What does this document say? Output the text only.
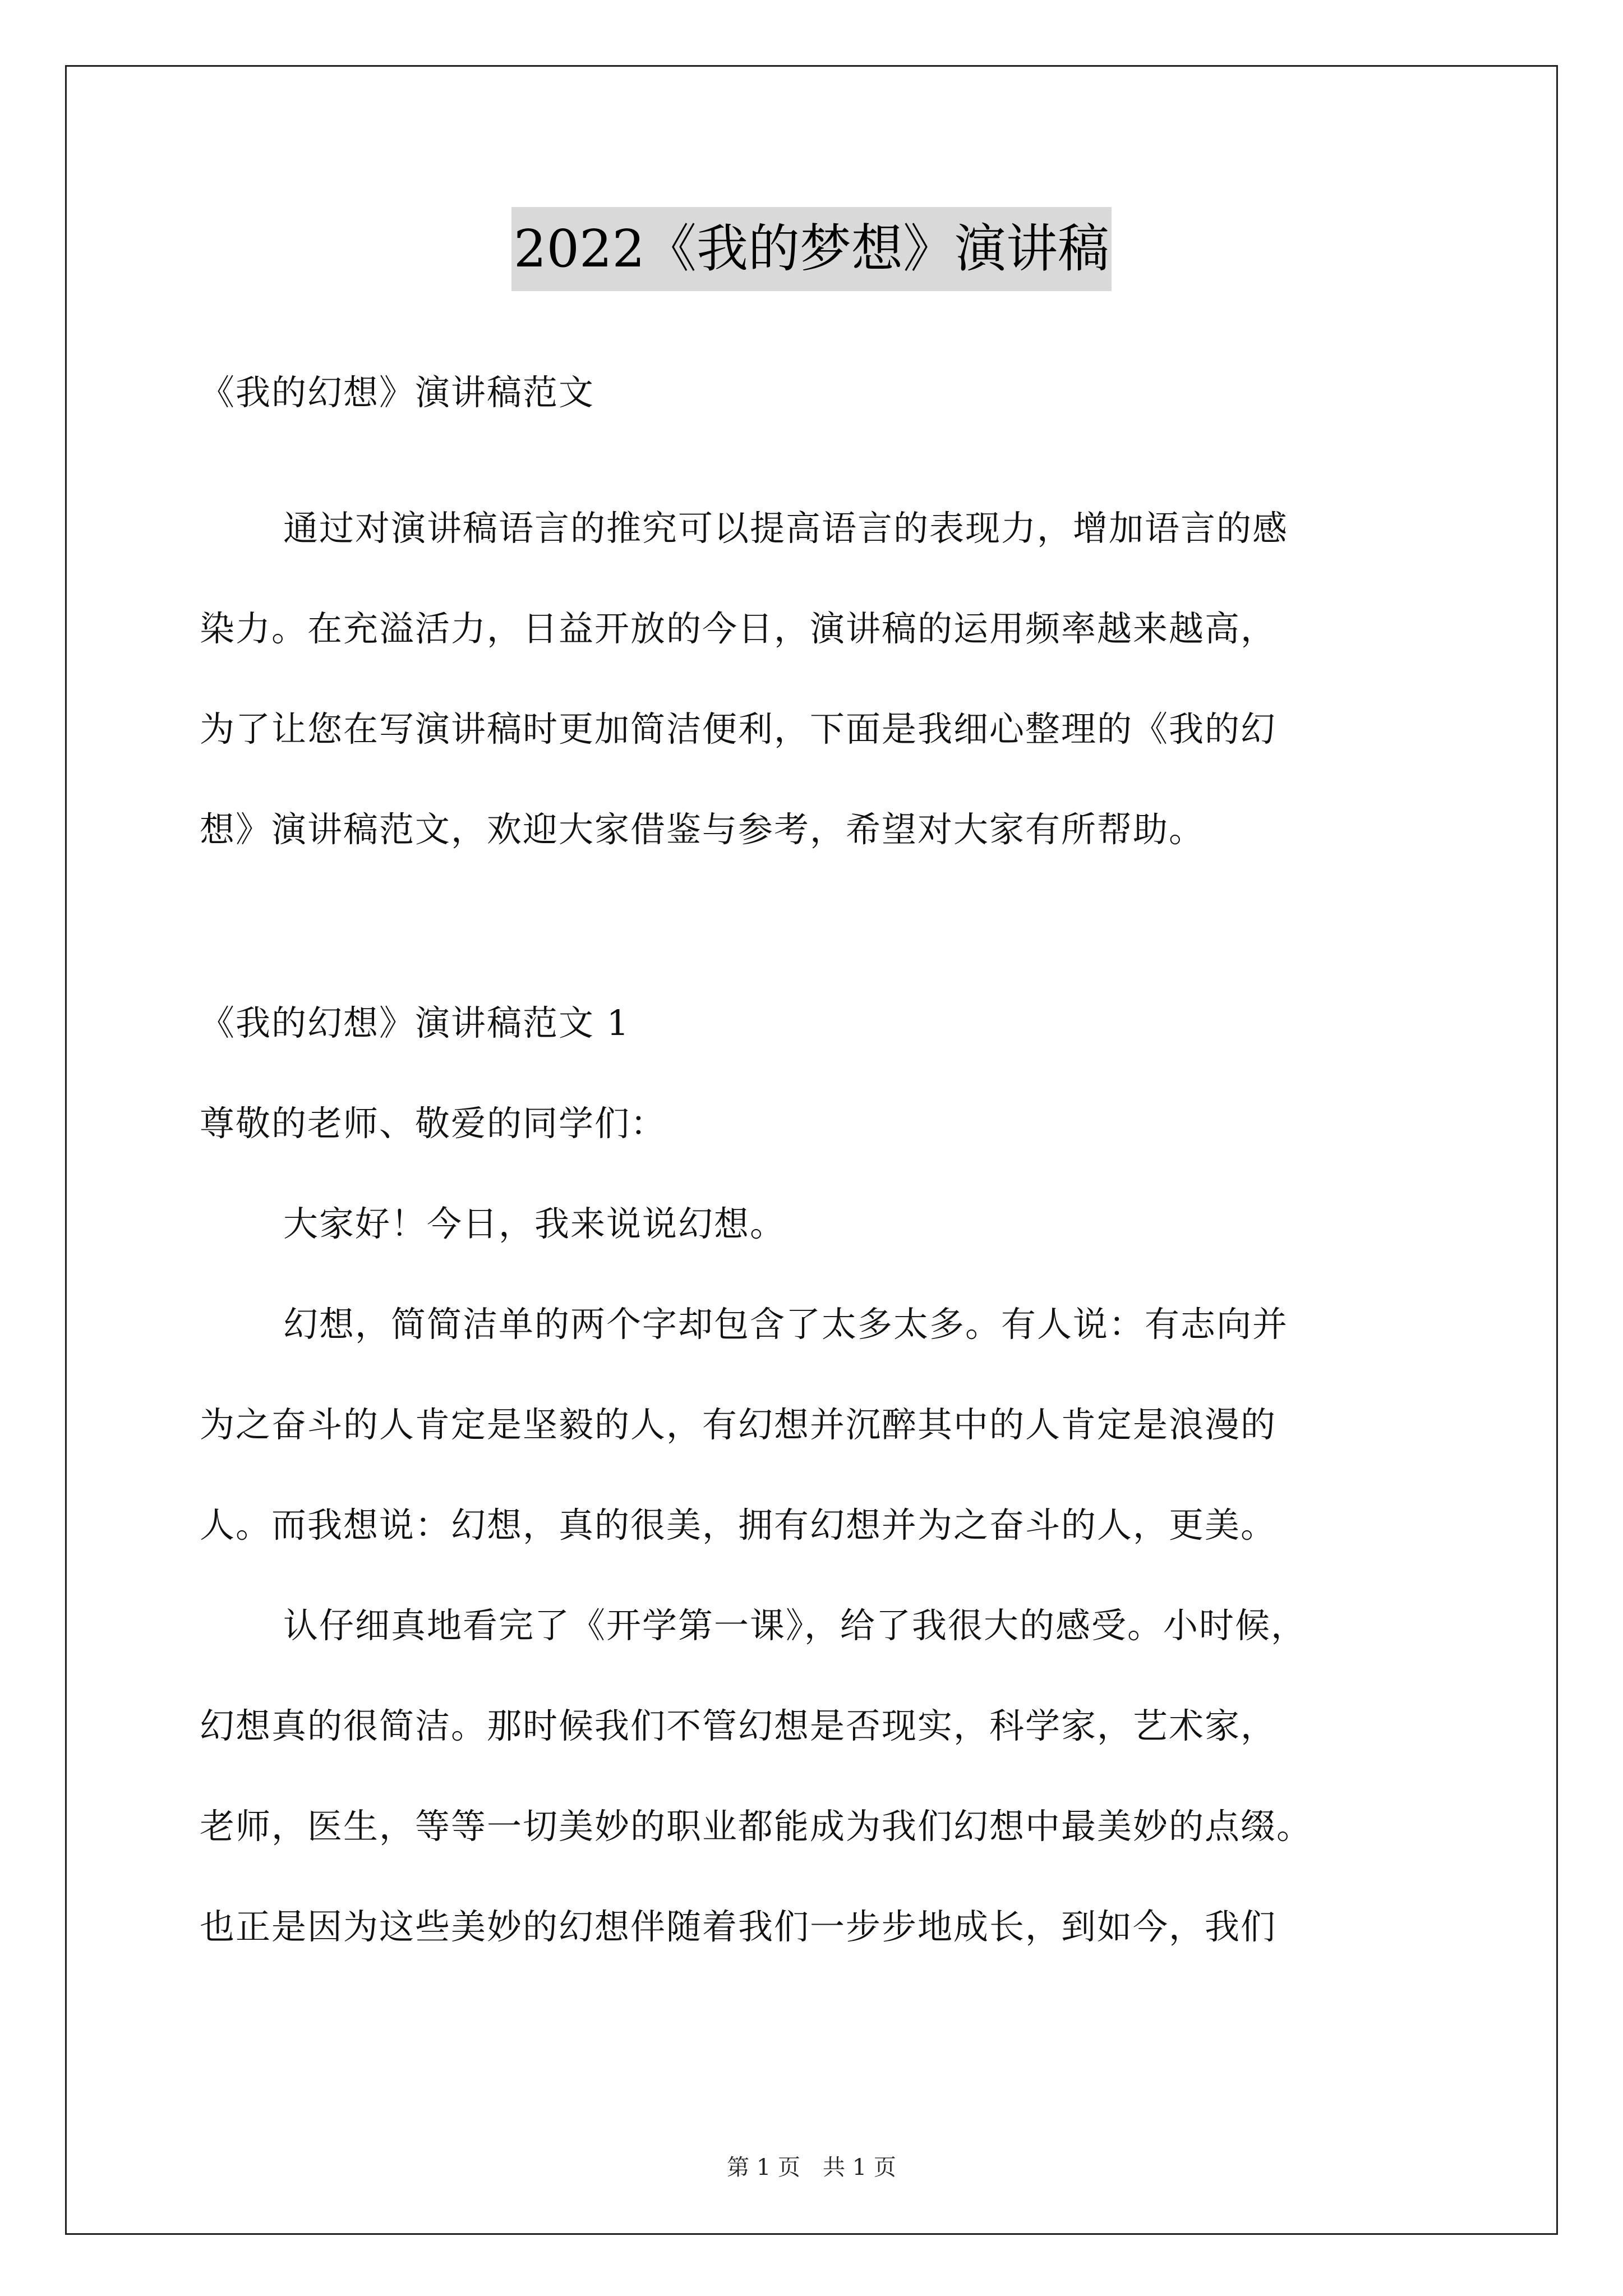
2022《我的梦想》演讲稿
《我的幻想》演讲稿范文
通过对演讲稿语言的推究可以提高语言的表现力，增加语言的感
染力。在充溢活力，日益开放的今日，演讲稿的运用频率越来越高，
为了让您在写演讲稿时更加简洁便利，下面是我细心整理的《我的幻
想》演讲稿范文，欢迎大家借鉴与参考，希望对大家有所帮助。
《我的幻想》演讲稿范文 1
尊敬的老师、敬爱的同学们：
大家好！今日，我来说说幻想。
幻想，简简洁单的两个字却包含了太多太多。有人说：有志向并
为之奋斗的人肯定是坚毅的人，有幻想并沉醉其中的人肯定是浪漫的
人。而我想说：幻想，真的很美，拥有幻想并为之奋斗的人，更美。
认仔细真地看完了《开学第一课》，给了我很大的感受。小时候，
幻想真的很简洁。那时候我们不管幻想是否现实，科学家，艺术家，
老师，医生，等等一切美妙的职业都能成为我们幻想中最美妙的点缀。
也正是因为这些美妙的幻想伴随着我们一步步地成长，到如今，我们
第 1 页　共 1 页
